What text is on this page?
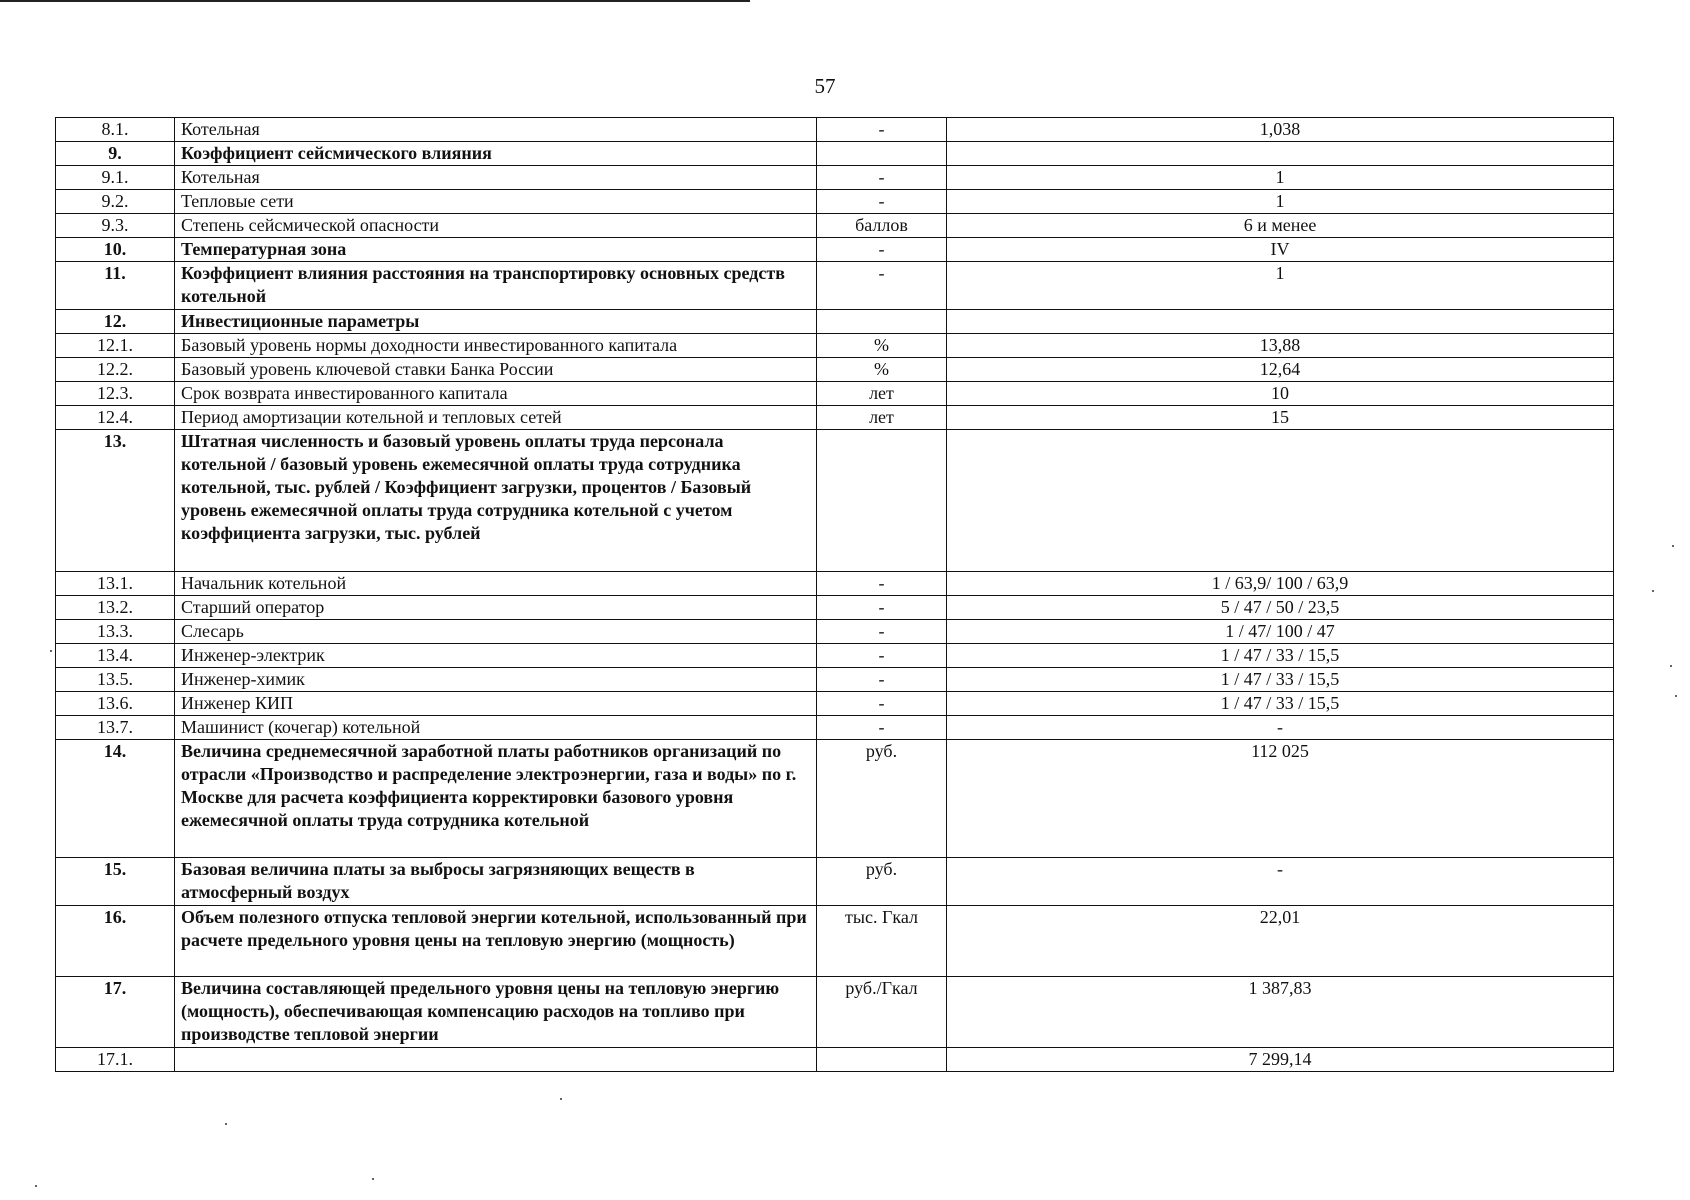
57
8.1.	Котельная	-	1,038
9.	Коэффициент сейсмического влияния		
9.1.	Котельная	-	1
9.2.	Тепловые сети	-	1
9.3.	Степень сейсмической опасности	баллов	6 и менее
10.	Температурная зона	-	IV
11.	Коэффициент влияния расстояния на транспортировку основных средств котельной	-	1
12.	Инвестиционные параметры		
12.1.	Базовый уровень нормы доходности инвестированного капитала	%	13,88
12.2.	Базовый уровень ключевой ставки Банка России	%	12,64
12.3.	Срок возврата инвестированного капитала	лет	10
12.4.	Период амортизации котельной и тепловых сетей	лет	15
13.	Штатная численность и базовый уровень оплаты труда персонала котельной / базовый уровень ежемесячной оплаты труда сотрудника котельной, тыс. рублей / Коэффициент загрузки, процентов / Базовый уровень ежемесячной оплаты труда сотрудника котельной с учетом коэффициента загрузки, тыс. рублей		
13.1.	Начальник котельной	-	1 / 63,9/ 100 / 63,9
13.2.	Старший оператор	-	5 / 47 / 50 / 23,5
13.3.	Слесарь	-	1 / 47/ 100 / 47
13.4.	Инженер-электрик	-	1 / 47 / 33 / 15,5
13.5.	Инженер-химик	-	1 / 47 / 33 / 15,5
13.6.	Инженер КИП	-	1 / 47 / 33 / 15,5
13.7.	Машинист (кочегар) котельной	-	-
14.	Величина среднемесячной заработной платы работников организаций по отрасли «Производство и распределение электроэнергии, газа и воды» по г. Москве для расчета коэффициента корректировки базового уровня ежемесячной оплаты труда сотрудника котельной	руб.	112 025
15.	Базовая величина платы за выбросы загрязняющих веществ в атмосферный воздух	руб.	-
16.	Объем полезного отпуска тепловой энергии котельной, использованный при расчете предельного уровня цены на тепловую энергию (мощность)	тыс. Гкал	22,01
17.	Величина составляющей предельного уровня цены на тепловую энергию (мощность), обеспечивающая компенсацию расходов на топливо при производстве тепловой энергии	руб./Гкал	1 387,83
17.1.			7 299,14
